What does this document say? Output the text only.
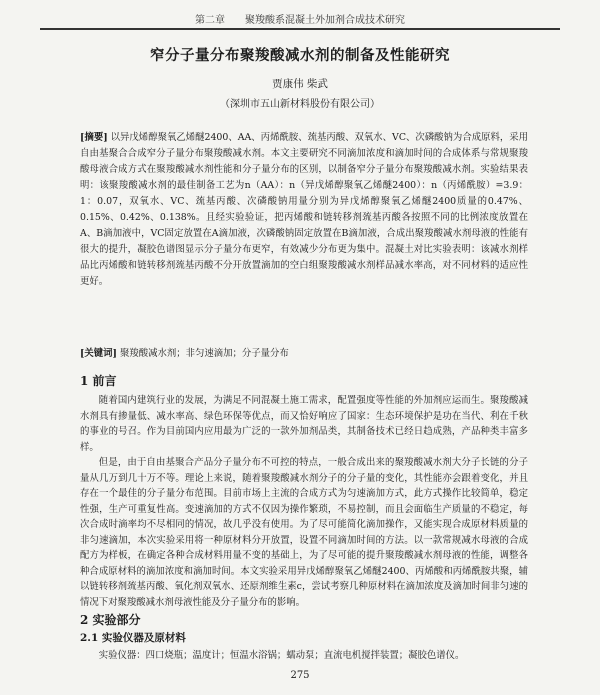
第二章 聚羧酸系混凝土外加剂合成技术研究
窄分子量分布聚羧酸减水剂的制备及性能研究
贾康伟 柴武
（深圳市五山新材料股份有限公司）
[摘要] 以异戊烯醇聚氧乙烯醚2400、AA、丙烯酰胺、巯基丙酸、双氧水、VC、次磷酸钠为合成原料，采用自由基聚合合成窄分子量分布聚羧酸减水剂。本文主要研究不同滴加浓度和滴加时间的合成体系与常规聚羧酸母液合成方式在聚羧酸减水剂性能和分子量分布的区别，以制备窄分子量分布聚羧酸减水剂。实验结果表明：该聚羧酸减水剂的最佳制备工艺为n（AA）：n（异戊烯醇聚氧乙烯醚2400）：n（丙烯酰胺）=3.9：1：0.07，双氧水、VC、巯基丙酸、次磷酸钠用量分别为异戊烯醇聚氧乙烯醚2400质量的0.47%、0.15%、0.42%、0.138%。且经实验验证，把丙烯酸和链转移剂巯基丙酸各按照不同的比例浓度放置在A、B滴加液中，VC固定放置在A滴加液，次磷酸钠固定放置在B滴加液，合成出聚羧酸减水剂母液的性能有很大的提升，凝胶色谱图显示分子量分布更窄，有效减少分布更为集中。混凝土对比实验表明：该减水剂样品比丙烯酸和链转移剂巯基丙酸不分开放置滴加的空白组聚羧酸减水剂样品减水率高，对不同材料的适应性更好。
[关键词] 聚羧酸减水剂；非匀速滴加；分子量分布
1 前言
随着国内建筑行业的发展，为满足不同混凝土施工需求，配置强度等性能的外加剂应运而生。聚羧酸减水剂具有掺量低、减水率高、绿色环保等优点，而又恰好响应了国家：生态环境保护是功在当代、利在千秋的事业的号召。作为目前国内应用最为广泛的一款外加剂品类，其制备技术已经日趋成熟，产品种类丰富多样。
但是，由于自由基聚合产品分子量分布不可控的特点，一般合成出来的聚羧酸减水剂大分子长链的分子量从几万到几十万不等。理论上来说，随着聚羧酸减水剂分子的分子量的变化，其性能亦会跟着变化，并且存在一个最佳的分子量分布范围。目前市场上主流的合成方式为匀速滴加方式，此方式操作比较简单，稳定性强，生产可重复性高。变速滴加的方式不仅因为操作繁琐，不易控制，而且会面临生产质量的不稳定，每次合成时滴率均不尽相同的情况，故几乎没有使用。为了尽可能简化滴加操作，又能实现合成原材料质量的非匀速滴加，本次实验采用将一种原材料分开放置，设置不同滴加时间的方法。以一款常规减水母液的合成配方为样板，在确定各种合成材料用量不变的基础上，为了尽可能的提升聚羧酸减水剂母液的性能，调整各种合成原材料的滴加浓度和滴加时间。本文实验采用异戊烯醇聚氧乙烯醚2400、丙烯酸和丙烯酰胺共聚，辅以链转移剂巯基丙酸、氧化剂双氧水、还原剂维生素c，尝试考察几种原材料在滴加浓度及滴加时间非匀速的情况下对聚羧酸减水剂母液性能及分子量分布的影响。
2 实验部分
2.1 实验仪器及原材料
实验仪器：四口烧瓶；温度计；恒温水浴锅；蠕动泵；直流电机搅拌装置；凝胶色谱仪。
275
